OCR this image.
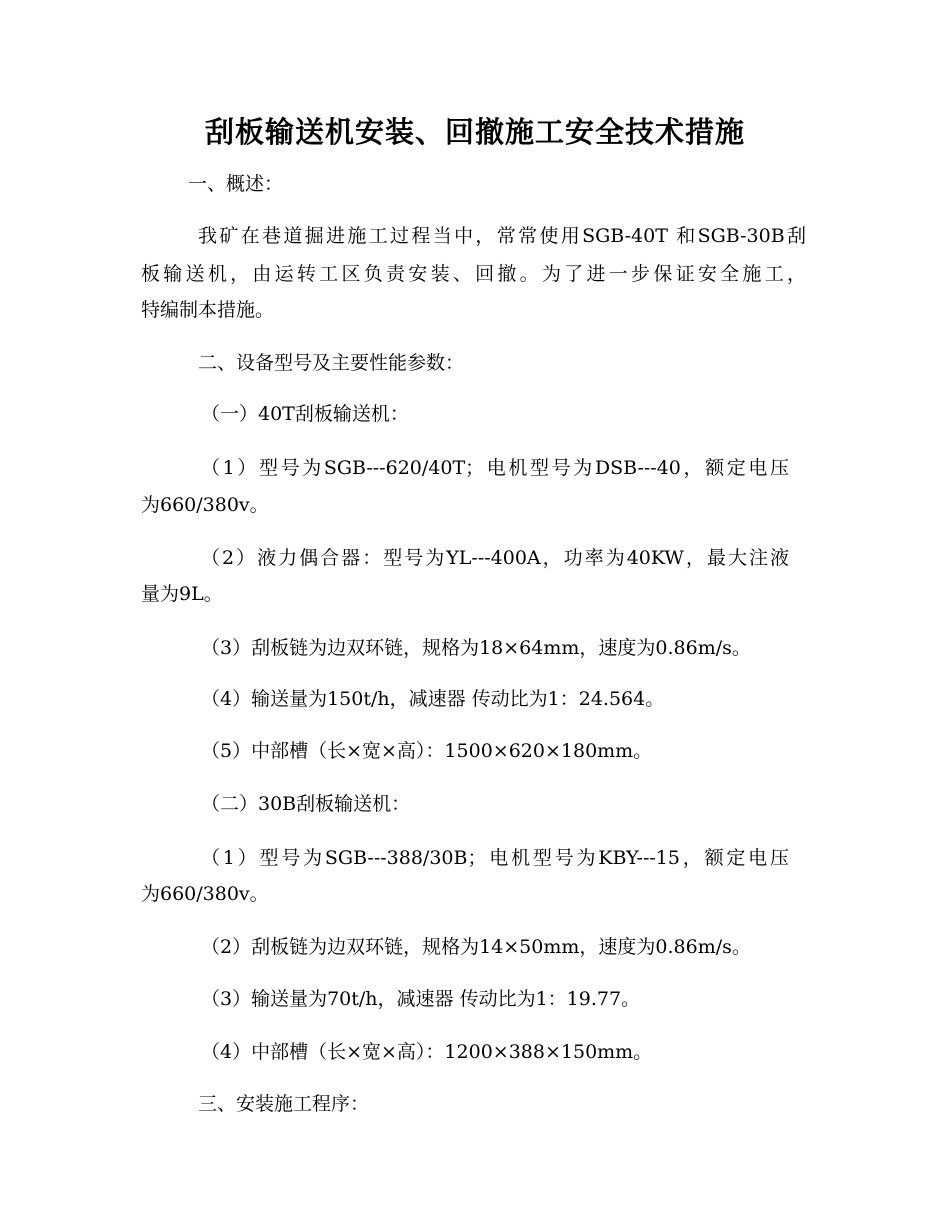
刮板输送机安装、回撤施工安全技术措施
一、概述：
我矿在巷道掘进施工过程当中，常常使用SGB-40T 和SGB-30B刮
板输送机，由运转工区负责安装、回撤。为了进一步保证安全施工，
特编制本措施。
二、设备型号及主要性能参数：
（一）40T刮板输送机：
（1）型号为SGB---620/40T；电机型号为DSB---40，额定电压
为660/380v。
（2）液力偶合器：型号为YL---400A，功率为40KW，最大注液
量为9L。
（3）刮板链为边双环链，规格为18×64mm，速度为0.86m/s。
（4）输送量为150t/h，减速器 传动比为1：24.564。
（5）中部槽（长×宽×高）：1500×620×180mm。
（二）30B刮板输送机：
（1）型号为SGB---388/30B；电机型号为KBY---15，额定电压
为660/380v。
（2）刮板链为边双环链，规格为14×50mm，速度为0.86m/s。
（3）输送量为70t/h，减速器 传动比为1：19.77。
（4）中部槽（长×宽×高）：1200×388×150mm。
三、安装施工程序：
